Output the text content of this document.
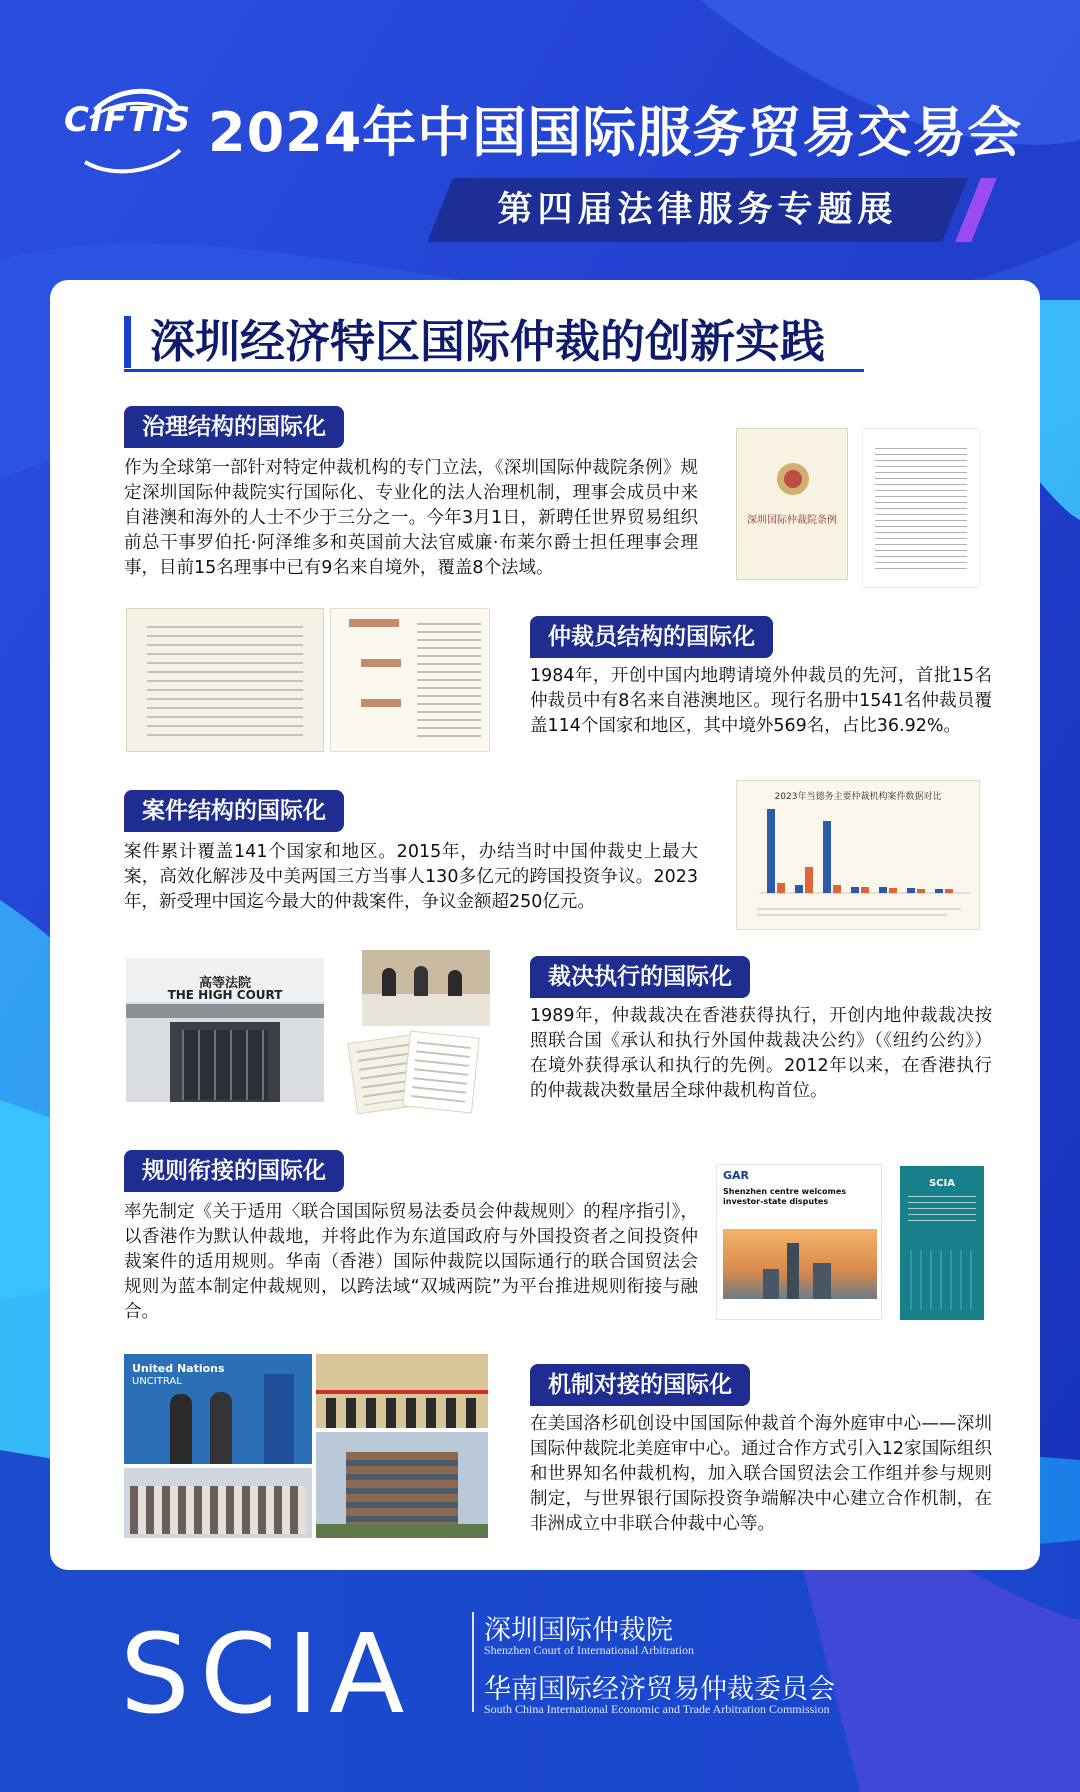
CIFTIS 2024年中国国际服务贸易交易会
第四届法律服务专题展
深圳经济特区国际仲裁的创新实践
治理结构的国际化
作为全球第一部针对特定仲裁机构的专门立法，《深圳国际仲裁院条例》规定深圳国际仲裁院实行国际化、专业化的法人治理机制，理事会成员中来自港澳和海外的人士不少于三分之一。今年3月1日，新聘任世界贸易组织前总干事罗伯托·阿泽维多和英国前大法官威廉·布莱尔爵士担任理事会理事，目前15名理事中已有9名来自境外，覆盖8个法域。
深圳国际仲裁院条例
仲裁员结构的国际化
1984年，开创中国内地聘请境外仲裁员的先河，首批15名仲裁员中有8名来自港澳地区。现行名册中1541名仲裁员覆盖114个国家和地区，其中境外569名，占比36.92%。
案件结构的国际化
案件累计覆盖141个国家和地区。2015年，办结当时中国仲裁史上最大案，高效化解涉及中美两国三方当事人130多亿元的跨国投资争议。2023年，新受理中国迄今最大的仲裁案件，争议金额超250亿元。
2023年当德务主要仲裁机构案件数据对比
高等法院
THE HIGH COURT
裁决执行的国际化
1989年，仲裁裁决在香港获得执行，开创内地仲裁裁决按照联合国《承认和执行外国仲裁裁决公约》（《纽约公约》）在境外获得承认和执行的先例。2012年以来，在香港执行的仲裁裁决数量居全球仲裁机构首位。
规则衔接的国际化
率先制定《关于适用〈联合国国际贸易法委员会仲裁规则〉的程序指引》，以香港作为默认仲裁地，并将此作为东道国政府与外国投资者之间投资仲裁案件的适用规则。华南（香港）国际仲裁院以国际通行的联合国贸法会规则为蓝本制定仲裁规则，以跨法域“双城两院”为平台推进规则衔接与融合。
GAR
Shenzhen centre welcomes investor-state disputes
SCIA
United Nations
UNCITRAL	机制对接的国际化
在美国洛杉矶创设中国国际仲裁首个海外庭审中心——深圳国际仲裁院北美庭审中心。通过合作方式引入12家国际组织和世界知名仲裁机构，加入联合国贸法会工作组并参与规则制定，与世界银行国际投资争端解决中心建立合作机制，在非洲成立中非联合仲裁中心等。
SCIA	深圳国际仲裁院
Shenzhen Court of International Arbitration
华南国际经济贸易仲裁委员会
South China International Economic and Trade Arbitration Commission
